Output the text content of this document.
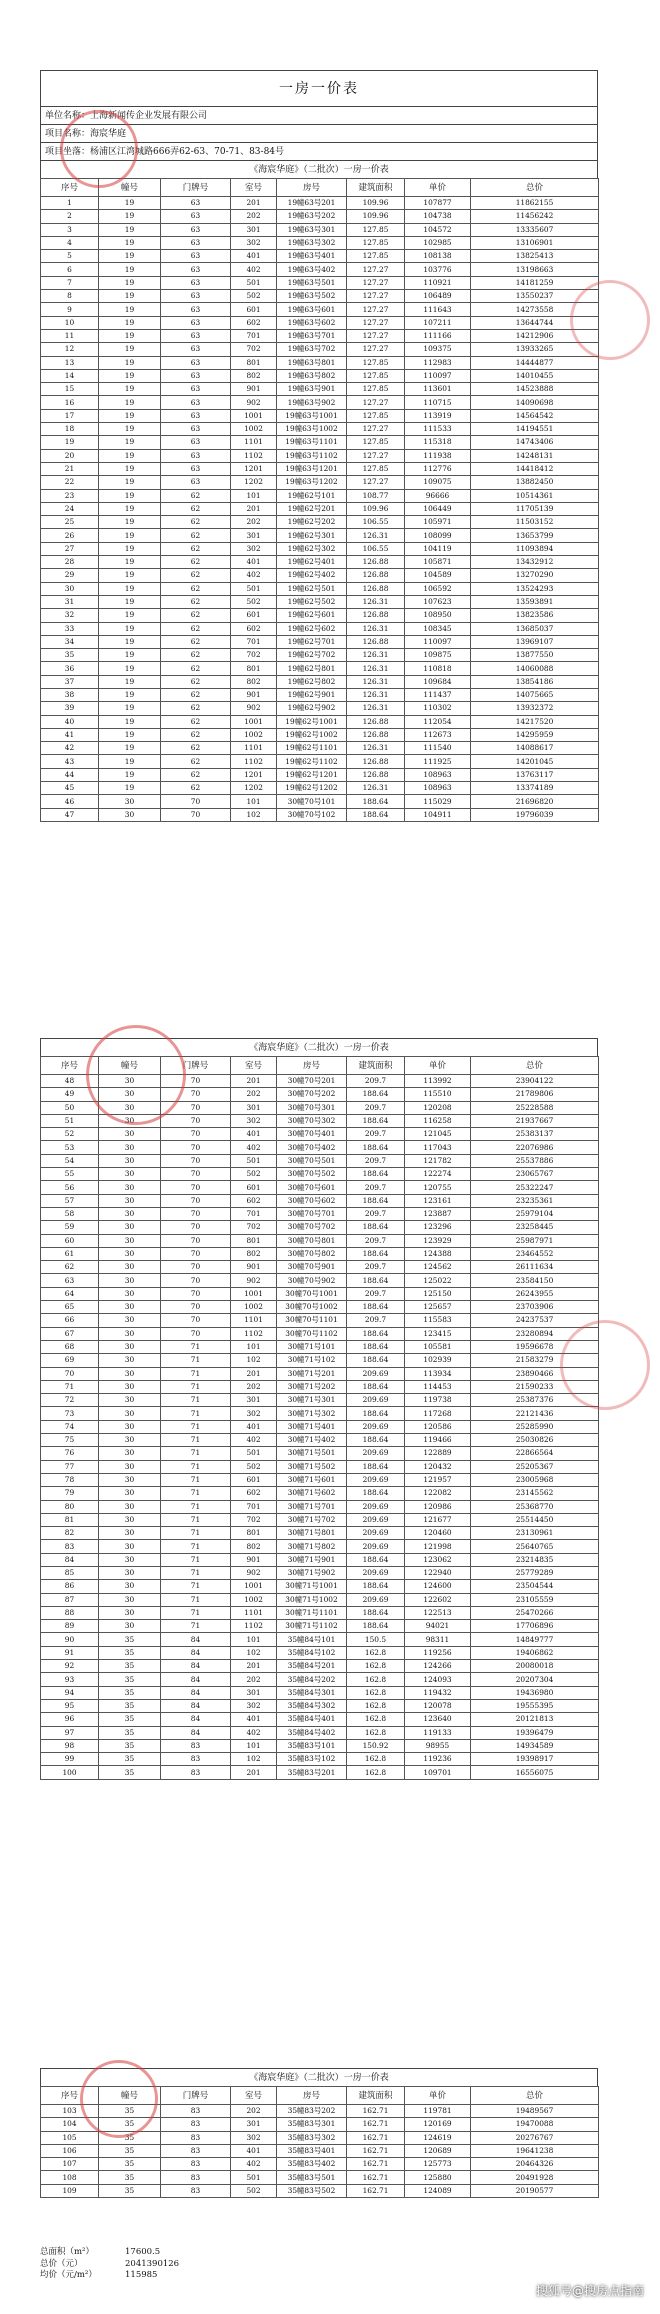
一房一价表
单位名称：上海新闻传企业发展有限公司
项目名称：海宸华庭
项目坐落：杨浦区江湾城路666弄62-63、70-71、83-84号
《海宸华庭》（二批次）一房一价表
序号	幢号	门牌号	室号	房号	建筑面积	单价	总价
1	19	63	201	19幢63号201	109.96	107877	11862155
2	19	63	202	19幢63号202	109.96	104738	11456242
3	19	63	301	19幢63号301	127.85	104572	13335607
4	19	63	302	19幢63号302	127.85	102985	13106901
5	19	63	401	19幢63号401	127.85	108138	13825413
6	19	63	402	19幢63号402	127.27	103776	13198663
7	19	63	501	19幢63号501	127.27	110921	14181259
8	19	63	502	19幢63号502	127.27	106489	13550237
9	19	63	601	19幢63号601	127.27	111643	14273558
10	19	63	602	19幢63号602	127.27	107211	13644744
11	19	63	701	19幢63号701	127.27	111166	14212906
12	19	63	702	19幢63号702	127.27	109375	13933265
13	19	63	801	19幢63号801	127.85	112983	14444877
14	19	63	802	19幢63号802	127.85	110097	14010455
15	19	63	901	19幢63号901	127.85	113601	14523888
16	19	63	902	19幢63号902	127.27	110715	14090698
17	19	63	1001	19幢63号1001	127.85	113919	14564542
18	19	63	1002	19幢63号1002	127.27	111533	14194551
19	19	63	1101	19幢63号1101	127.85	115318	14743406
20	19	63	1102	19幢63号1102	127.27	111938	14248131
21	19	63	1201	19幢63号1201	127.85	112776	14418412
22	19	63	1202	19幢63号1202	127.27	109075	13882450
23	19	62	101	19幢62号101	108.77	96666	10514361
24	19	62	201	19幢62号201	109.96	106449	11705139
25	19	62	202	19幢62号202	106.55	105971	11503152
26	19	62	301	19幢62号301	126.31	108099	13653799
27	19	62	302	19幢62号302	106.55	104119	11093894
28	19	62	401	19幢62号401	126.88	105871	13432912
29	19	62	402	19幢62号402	126.88	104589	13270290
30	19	62	501	19幢62号501	126.88	106592	13524293
31	19	62	502	19幢62号502	126.31	107623	13593891
32	19	62	601	19幢62号601	126.88	108950	13823586
33	19	62	602	19幢62号602	126.31	108345	13685037
34	19	62	701	19幢62号701	126.88	110097	13969107
35	19	62	702	19幢62号702	126.31	109875	13877550
36	19	62	801	19幢62号801	126.31	110818	14060088
37	19	62	802	19幢62号802	126.31	109684	13854186
38	19	62	901	19幢62号901	126.31	111437	14075665
39	19	62	902	19幢62号902	126.31	110302	13932372
40	19	62	1001	19幢62号1001	126.88	112054	14217520
41	19	62	1002	19幢62号1002	126.88	112673	14295959
42	19	62	1101	19幢62号1101	126.31	111540	14088617
43	19	62	1102	19幢62号1102	126.88	111925	14201045
44	19	62	1201	19幢62号1201	126.88	108963	13763117
45	19	62	1202	19幢62号1202	126.31	108963	13374189
46	30	70	101	30幢70号101	188.64	115029	21696820
47	30	70	102	30幢70号102	188.64	104911	19796039
《海宸华庭》（二批次）一房一价表
序号	幢号	门牌号	室号	房号	建筑面积	单价	总价
48	30	70	201	30幢70号201	209.7	113992	23904122
49	30	70	202	30幢70号202	188.64	115510	21789806
50	30	70	301	30幢70号301	209.7	120208	25228588
51	30	70	302	30幢70号302	188.64	116258	21937667
52	30	70	401	30幢70号401	209.7	121045	25383137
53	30	70	402	30幢70号402	188.64	117043	22076986
54	30	70	501	30幢70号501	209.7	121782	25537886
55	30	70	502	30幢70号502	188.64	122274	23065767
56	30	70	601	30幢70号601	209.7	120755	25322247
57	30	70	602	30幢70号602	188.64	123161	23235361
58	30	70	701	30幢70号701	209.7	123887	25979104
59	30	70	702	30幢70号702	188.64	123296	23258445
60	30	70	801	30幢70号801	209.7	123929	25987971
61	30	70	802	30幢70号802	188.64	124388	23464552
62	30	70	901	30幢70号901	209.7	124562	26111634
63	30	70	902	30幢70号902	188.64	125022	23584150
64	30	70	1001	30幢70号1001	209.7	125150	26243955
65	30	70	1002	30幢70号1002	188.64	125657	23703906
66	30	70	1101	30幢70号1101	209.7	115583	24237537
67	30	70	1102	30幢70号1102	188.64	123415	23280894
68	30	71	101	30幢71号101	188.64	105581	19596678
69	30	71	102	30幢71号102	188.64	102939	21583279
70	30	71	201	30幢71号201	209.69	113934	23890466
71	30	71	202	30幢71号202	188.64	114453	21590233
72	30	71	301	30幢71号301	209.69	119738	25387376
73	30	71	302	30幢71号302	188.64	117268	22121436
74	30	71	401	30幢71号401	209.69	120586	25285990
75	30	71	402	30幢71号402	188.64	119466	25030826
76	30	71	501	30幢71号501	209.69	122889	22866564
77	30	71	502	30幢71号502	188.64	120432	25205367
78	30	71	601	30幢71号601	209.69	121957	23005968
79	30	71	602	30幢71号602	188.64	122082	23145562
80	30	71	701	30幢71号701	209.69	120986	25368770
81	30	71	702	30幢71号702	209.69	121677	25514450
82	30	71	801	30幢71号801	209.69	120460	23130961
83	30	71	802	30幢71号802	209.69	121998	25640765
84	30	71	901	30幢71号901	188.64	123062	23214835
85	30	71	902	30幢71号902	209.69	122940	25779289
86	30	71	1001	30幢71号1001	188.64	124600	23504544
87	30	71	1002	30幢71号1002	209.69	122602	23105559
88	30	71	1101	30幢71号1101	188.64	122513	25470266
89	30	71	1102	30幢71号1102	188.64	94021	17706896
90	35	84	101	35幢84号101	150.5	98311	14849777
91	35	84	102	35幢84号102	162.8	119256	19406862
92	35	84	201	35幢84号201	162.8	124266	20080018
93	35	84	202	35幢84号202	162.8	124093	20207304
94	35	84	301	35幢84号301	162.8	119432	19436980
95	35	84	302	35幢84号302	162.8	120078	19555395
96	35	84	401	35幢84号401	162.8	123640	20121813
97	35	84	402	35幢84号402	162.8	119133	19396479
98	35	83	101	35幢83号101	150.92	98955	14934589
99	35	83	102	35幢83号102	162.8	119236	19398917
100	35	83	201	35幢83号201	162.8	109701	16556075
《海宸华庭》（二批次）一房一价表
序号	幢号	门牌号	室号	房号	建筑面积	单价	总价
103	35	83	202	35幢83号202	162.71	119781	19489567
104	35	83	301	35幢83号301	162.71	120169	19470088
105	35	83	302	35幢83号302	162.71	124619	20276767
106	35	83	401	35幢83号401	162.71	120689	19641238
107	35	83	402	35幢83号402	162.71	125773	20464326
108	35	83	501	35幢83号501	162.71	125880	20491928
109	35	83	502	35幢83号502	162.71	124089	20190577
总面积（m²）	17600.5
总价（元）	2041390126
均价（元/m²）	115985
搜狐号@搜房点指南
